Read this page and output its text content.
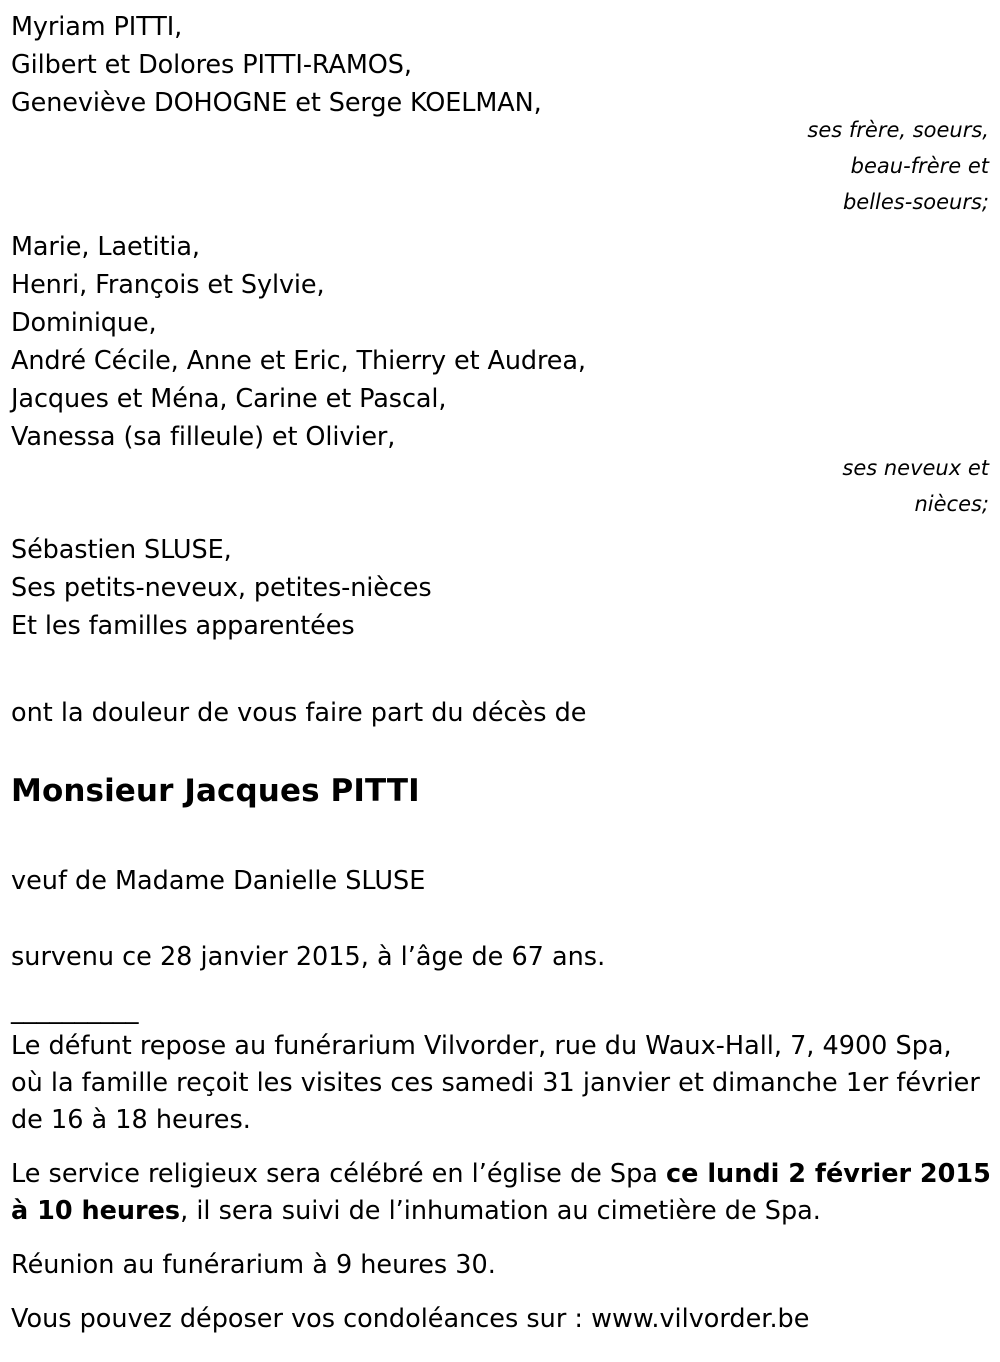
Myriam PITTI,
Gilbert et Dolores PITTI-RAMOS,
Geneviève DOHOGNE et Serge KOELMAN,
ses frère, soeurs,
beau-frère et
belles-soeurs;
Marie, Laetitia,
Henri, François et Sylvie,
Dominique,
André Cécile, Anne et Eric, Thierry et Audrea,
Jacques et Ména, Carine et Pascal,
Vanessa (sa filleule) et Olivier,
ses neveux et
nièces;
Sébastien SLUSE,
Ses petits-neveux, petites-nièces
Et les familles apparentées
ont la douleur de vous faire part du décès de
Monsieur Jacques PITTI
veuf de Madame Danielle SLUSE
survenu ce 28 janvier 2015, à l’âge de 67 ans.
__________

Le défunt repose au funérarium Vilvorder, rue du Waux-Hall, 7, 4900 Spa, où la famille reçoit les visites ces samedi 31 janvier et dimanche 1er février de 16 à 18 heures.

Le service religieux sera célébré en l’église de Spa ce lundi 2 février 2015 à 10 heures, il sera suivi de l’inhumation au cimetière de Spa.

Réunion au funérarium à 9 heures 30.

Vous pouvez déposer vos condoléances sur : www.vilvorder.be
